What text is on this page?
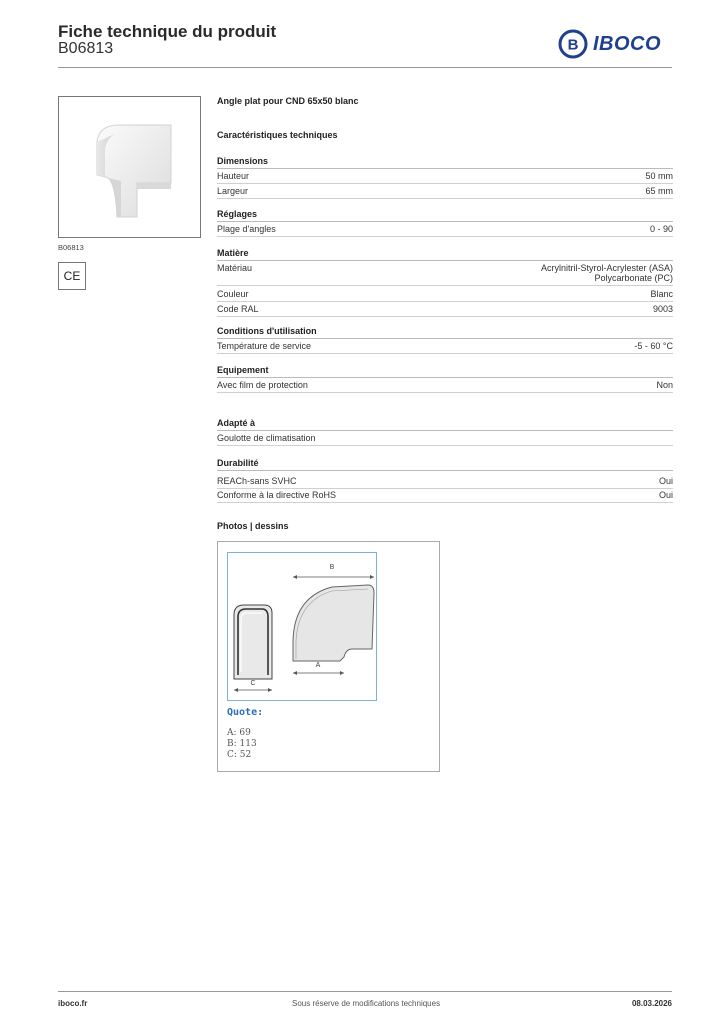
Fiche technique du produit
B06813	B IBOCO
B06813
CE
Angle plat pour CND 65x50 blanc
Caractéristiques techniques
Dimensions
Hauteur	50 mm
Largeur	65 mm
Réglages
Plage d'angles	0 - 90
Matière
Matériau	Acrylnitril-Styrol-Acrylester (ASA)
Polycarbonate (PC)
Couleur	Blanc
Code RAL	9003
Conditions d'utilisation
Température de service	-5 - 60 °C
Equipement
Avec film de protection	Non
Adapté à
Goulotte de climatisation
Durabilité
REACh-sans SVHC	Oui
Conforme à la directive RoHS	Oui
Photos | dessins
B
A
C
Quote:
A: 69
B: 113
C: 52
iboco.fr	Sous réserve de modifications techniques	08.03.2026
